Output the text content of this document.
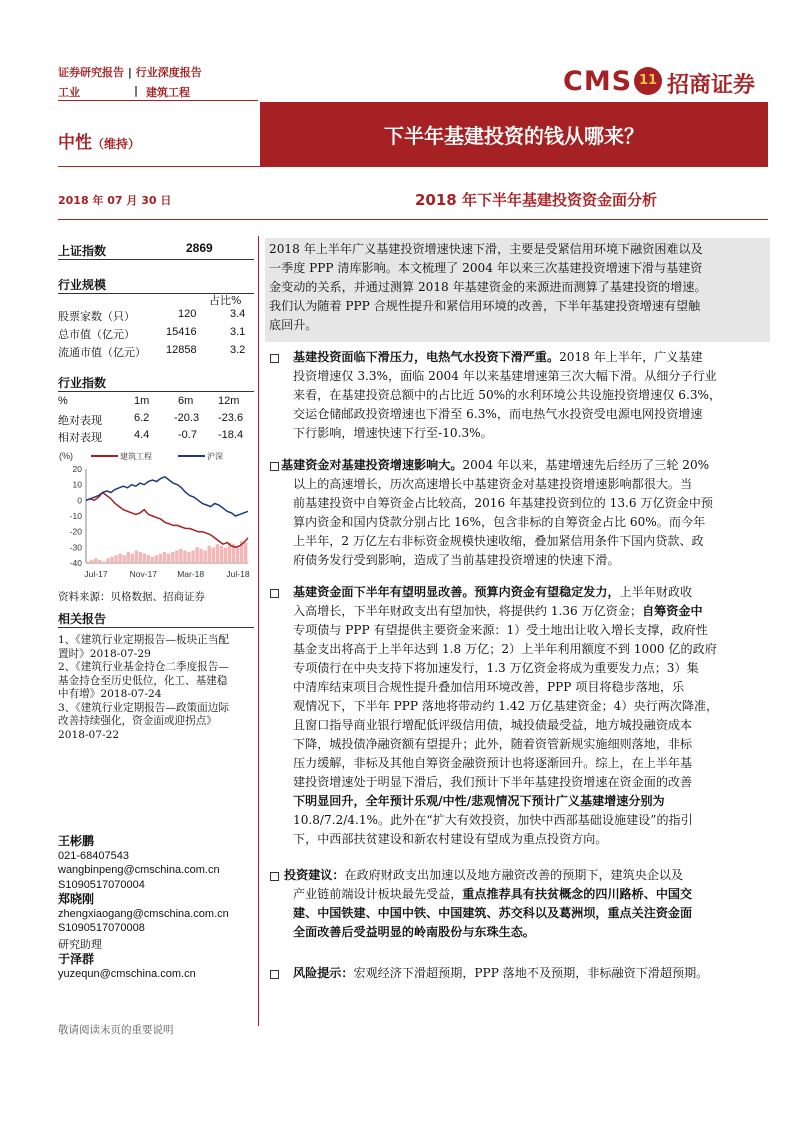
证券研究报告 | 行业深度报告
工业	| 建筑工程	CMS 11 招商证券
下半年基建投资的钱从哪来？
中性（维持）
2018 年 07 月 30 日	2018 年下半年基建投资资金面分析
上证指数	2869
行业规模
占比%
股票家数（只）	120	3.4
总市值（亿元）	15416	3.1
流通市值（亿元） 12858	3.2
行业指数
%	1m	6m 12m
绝对表现	6.2 -20.3 -23.6
相对表现	4.4	-0.7 -18.4
(%)	建筑工程	沪深
20
10
0
-10
-20
-30
-40
Jul-17	Nov-17 Mar-18	Jul-18
资料来源：贝格数据、招商证券
相关报告
1、《建筑行业定期报告—板块正当配
置时》2018-07-29
2、《建筑行业基金持仓二季度报告—
基金持仓至历史低位，化工、基建稳
中有增》2018-07-24
3、《建筑行业定期报告—政策面边际
改善持续强化，资金面或迎拐点》
2018-07-22
王彬鹏
021-68407543
wangbinpeng@cmschina.com.cn
S1090517070004
郑晓刚
zhengxiaogang@cmschina.com.cn
S1090517070008
研究助理
于泽群
yuzequn@cmschina.com.cn
敬请阅读末页的重要说明
2018 年上半年广义基建投资增速快速下滑，主要是受紧信用环境下融资困难以及
一季度 PPP 清库影响。本文梳理了 2004 年以来三次基建投资增速下滑与基建资
金变动的关系，并通过测算 2018 年基建资金的来源进而测算了基建投资的增速。
我们认为随着 PPP 合规性提升和紧信用环境的改善，下半年基建投资增速有望触
底回升。
基建投资面临下滑压力，电热气水投资下滑严重。2018 年上半年，广义基建
投资增速仅 3.3%，面临 2004 年以来基建增速第三次大幅下滑。从细分子行业
来看，在基建投资总额中的占比近 50%的水利环境公共设施投资增速仅 6.3%，
交运仓储邮政投资增速也下滑至 6.3%，而电热气水投资受电源电网投资增速
下行影响，增速快速下行至-10.3%。
基建资金对基建投资增速影响大。2004 年以来，基建增速先后经历了三轮 20%
以上的高速增长，历次高速增长中基建资金对基建投资增速影响都很大。当
前基建投资中自筹资金占比较高，2016 年基建投资到位的 13.6 万亿资金中预
算内资金和国内贷款分别占比 16%，包含非标的自筹资金占比 60%。而今年
上半年，2 万亿左右非标资金规模快速收缩，叠加紧信用条件下国内贷款、政
府债务发行受到影响，造成了当前基建投资增速的快速下滑。
基建资金面下半年有望明显改善。预算内资金有望稳定发力，上半年财政收
入高增长，下半年财政支出有望加快，将提供约 1.36 万亿资金；自筹资金中
专项债与 PPP 有望提供主要资金来源：1）受土地出让收入增长支撑，政府性
基金支出将高于上半年达到 1.8 万亿；2）上半年利用额度不到 1000 亿的政府
专项债行在中央支持下将加速发行，1.3 万亿资金将成为重要发力点；3）集
中清库结束项目合规性提升叠加信用环境改善，PPP 项目将稳步落地，乐
观情况下，下半年 PPP 落地将带动约 1.42 万亿基建资金；4）央行两次降准，
且窗口指导商业银行增配低评级信用债，城投债最受益，地方城投融资成本
下降，城投债净融资额有望提升；此外，随着资管新规实施细则落地，非标
压力缓解，非标及其他自筹资金融资预计也将逐渐回升。综上，在上半年基
建投资增速处于明显下滑后，我们预计下半年基建投资增速在资金面的改善
下明显回升，全年预计乐观/中性/悲观情况下预计广义基建增速分别为
10.8/7.2/4.1%。此外在“扩大有效投资，加快中西部基础设施建设”的指引
下，中西部扶贫建设和新农村建设有望成为重点投资方向。
投资建议：在政府财政支出加速以及地方融资改善的预期下，建筑央企以及
产业链前端设计板块最先受益，重点推荐具有扶贫概念的四川路桥、中国交
建、中国铁建、中国中铁、中国建筑、苏交科以及葛洲坝，重点关注资金面
全面改善后受益明显的岭南股份与东珠生态。
风险提示：宏观经济下滑超预期，PPP 落地不及预期，非标融资下滑超预期。
